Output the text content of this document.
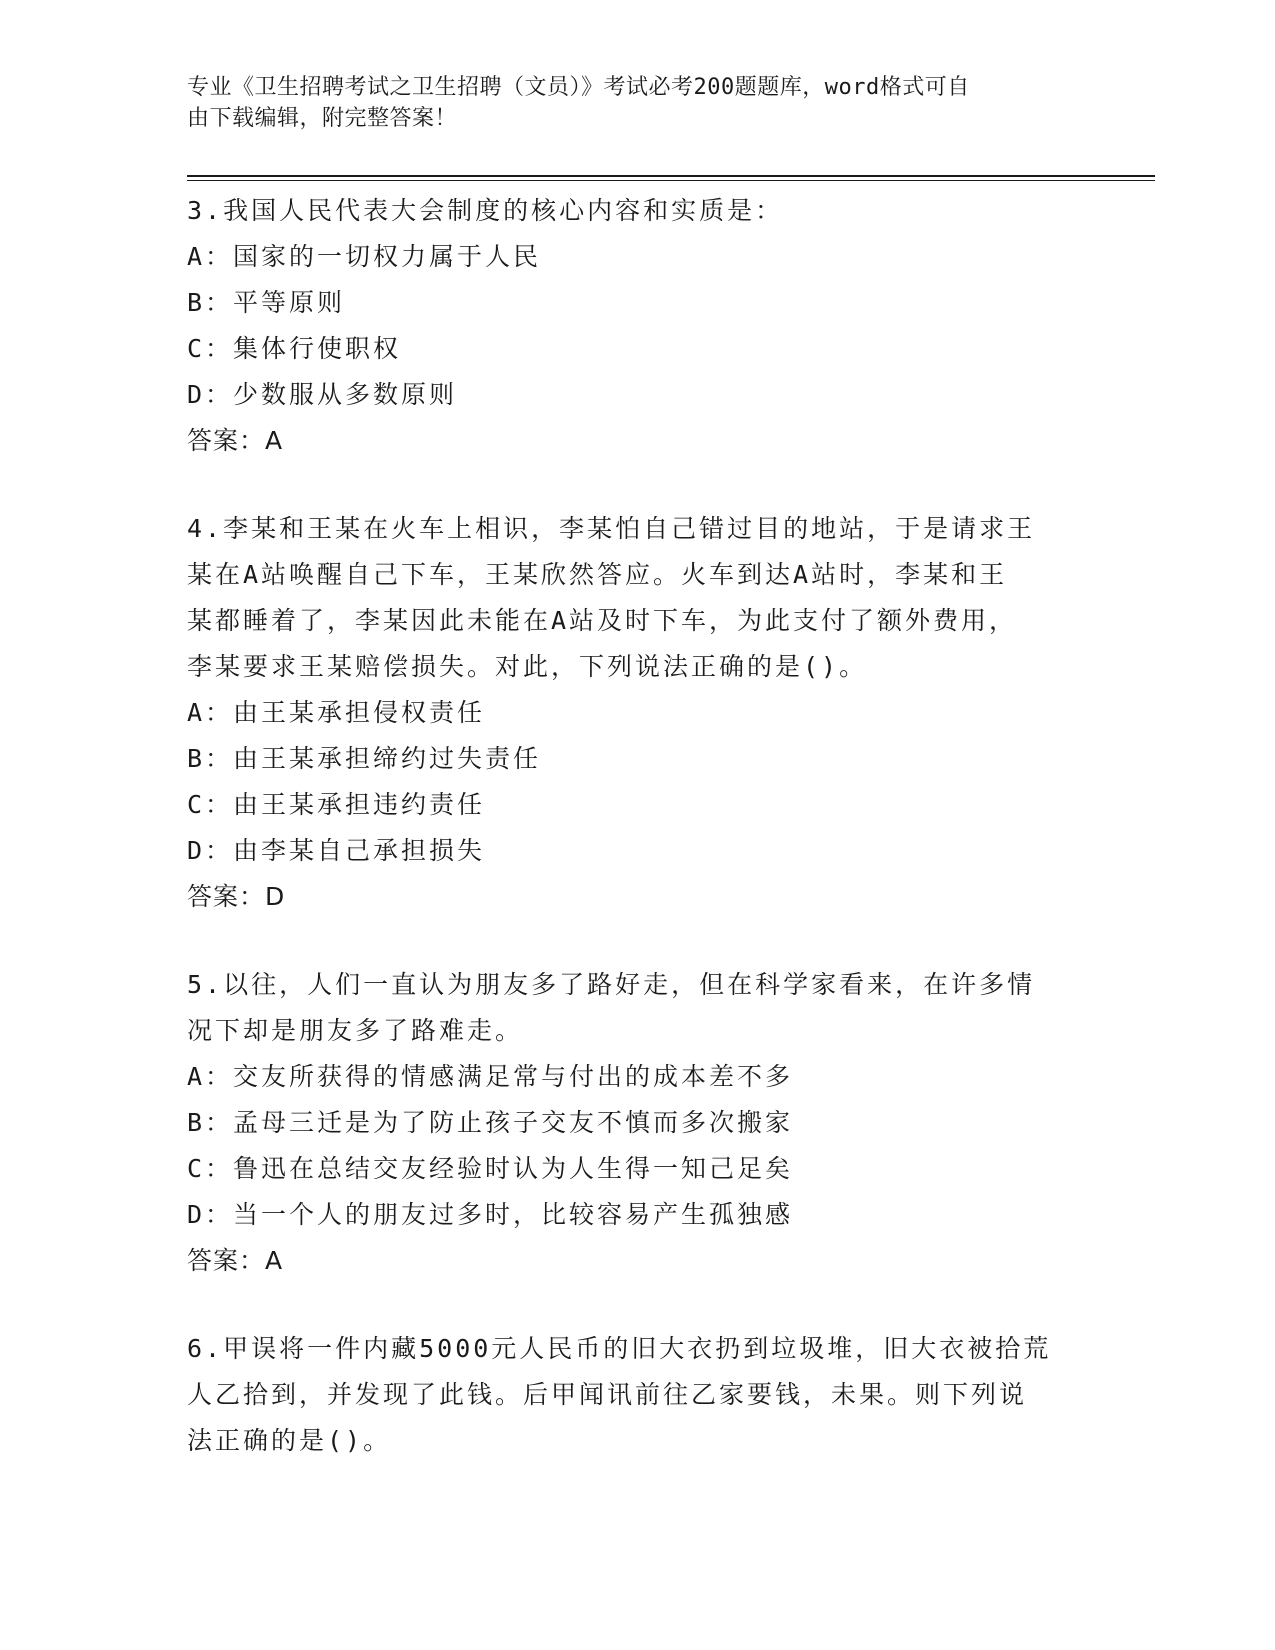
专业《卫生招聘考试之卫生招聘（文员）》考试必考200题题库，word格式可自
由下载编辑，附完整答案！
3.我国人民代表大会制度的核心内容和实质是：
A：国家的一切权力属于人民
B：平等原则
C：集体行使职权
D：少数服从多数原则
答案：A
4.李某和王某在火车上相识，李某怕自己错过目的地站，于是请求王
某在A站唤醒自己下车，王某欣然答应。火车到达A站时，李某和王
某都睡着了，李某因此未能在A站及时下车，为此支付了额外费用，
李某要求王某赔偿损失。对此，下列说法正确的是()。
A：由王某承担侵权责任
B：由王某承担缔约过失责任
C：由王某承担违约责任
D：由李某自己承担损失
答案：D
5.以往，人们一直认为朋友多了路好走，但在科学家看来，在许多情
况下却是朋友多了路难走。
A：交友所获得的情感满足常与付出的成本差不多
B：孟母三迁是为了防止孩子交友不慎而多次搬家
C：鲁迅在总结交友经验时认为人生得一知己足矣
D：当一个人的朋友过多时，比较容易产生孤独感
答案：A
6.甲误将一件内藏5000元人民币的旧大衣扔到垃圾堆，旧大衣被拾荒
人乙拾到，并发现了此钱。后甲闻讯前往乙家要钱，未果。则下列说
法正确的是()。
